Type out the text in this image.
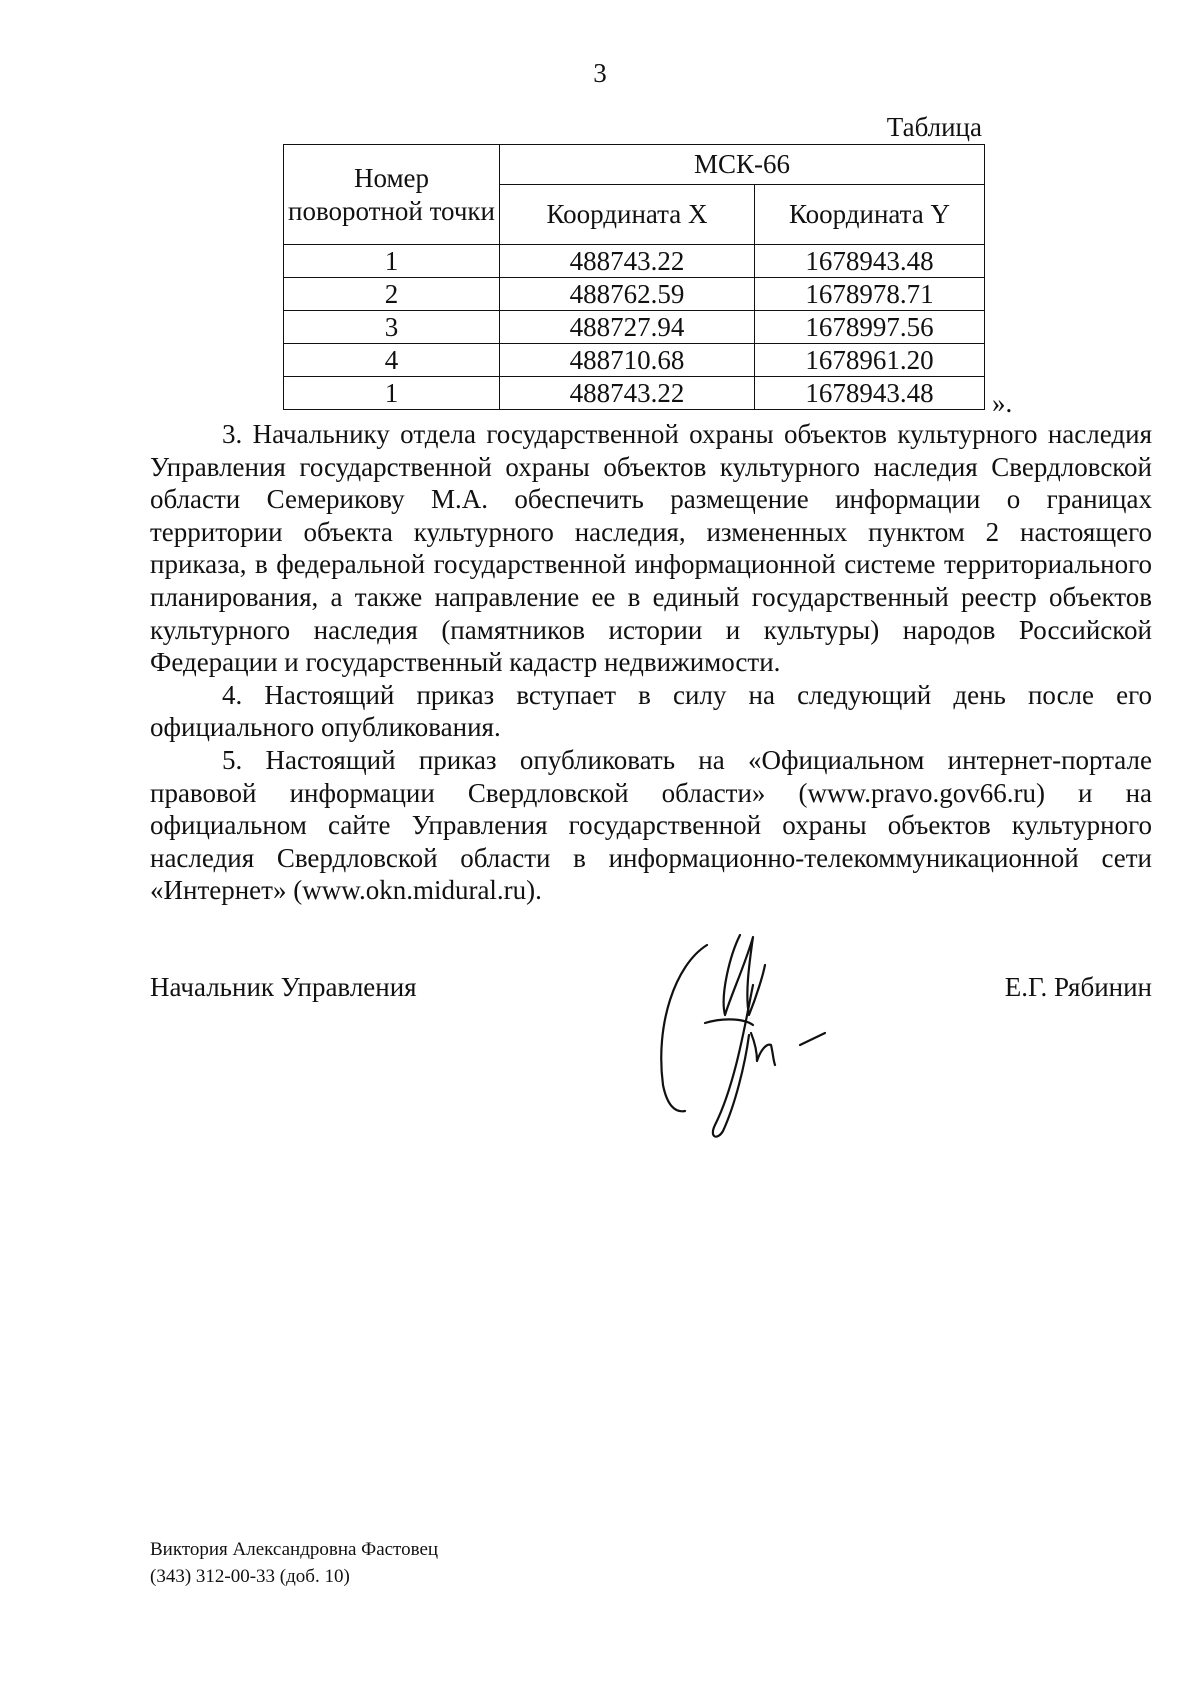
3
Таблица
Номер поворотной точки	МСК-66	
	Координата X	Координата Y
1	488743.22	1678943.48
2	488762.59	1678978.71
3	488727.94	1678997.56
4	488710.68	1678961.20
1	488743.22	1678943.48 ».

3. Начальнику отдела государственной охраны объектов культурного наследия Управления государственной охраны объектов культурного наследия Свердловской области Семерикову М.А. обеспечить размещение информации о границах территории объекта культурного наследия, измененных пунктом 2 настоящего приказа, в федеральной государственной информационной системе территориального планирования, а также направление ее в единый государственный реестр объектов культурного наследия (памятников истории и культуры) народов Российской Федерации и государственный кадастр недвижимости.

4. Настоящий приказ вступает в силу на следующий день после его официального опубликования.

5. Настоящий приказ опубликовать на «Официальном интернет-портале правовой информации Свердловской области» (www.pravo.gov66.ru) и на официальном сайте Управления государственной охраны объектов культурного наследия Свердловской области в информационно-телекоммуникационной сети «Интернет» (www.okn.midural.ru).

Начальник Управления	Е.Г. Рябинин
Виктория Александровна Фастовец
(343) 312-00-33 (доб. 10)
